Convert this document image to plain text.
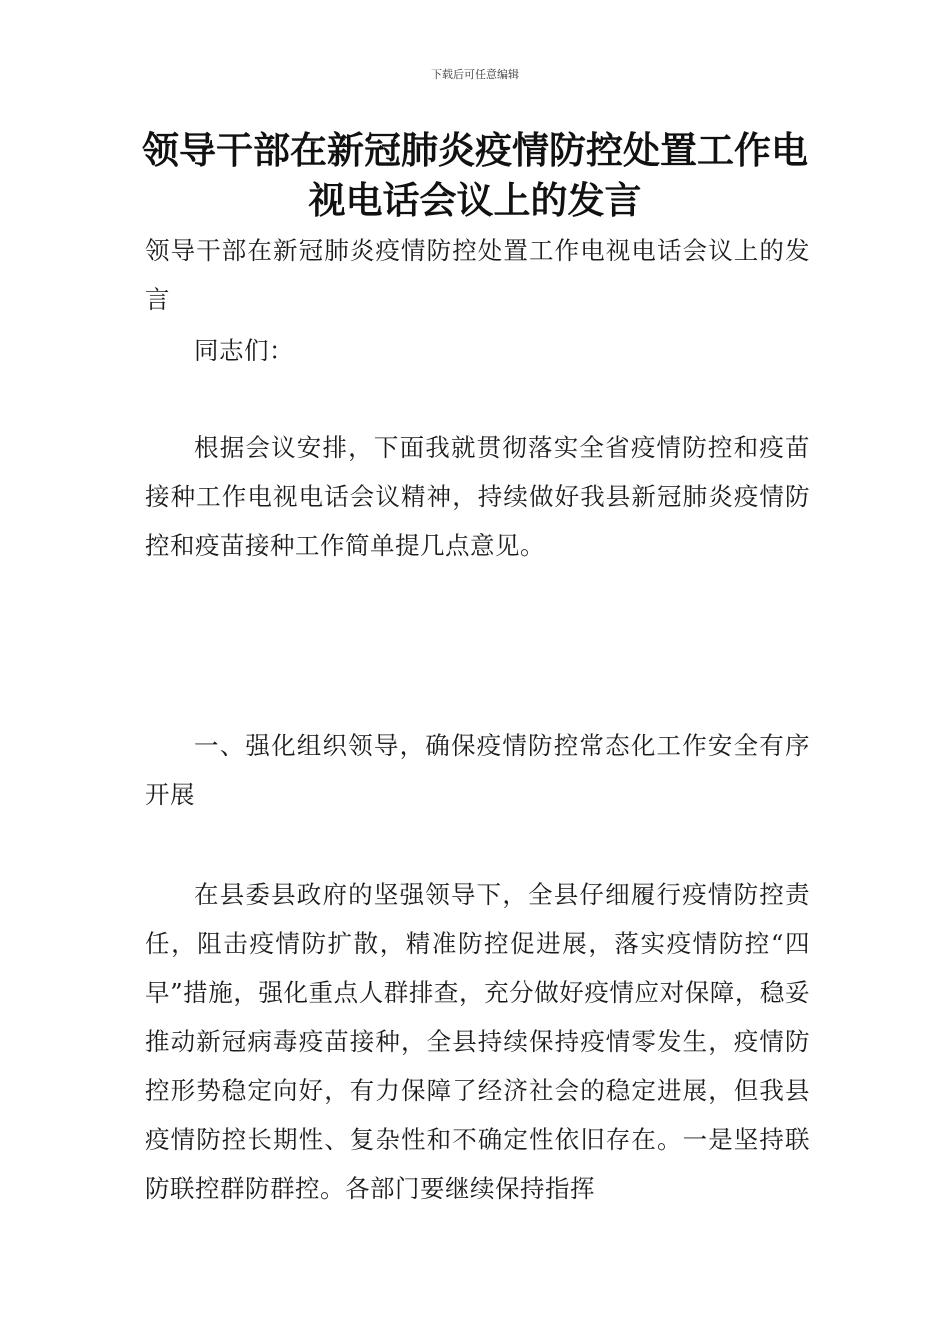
下载后可任意编辑
领导干部在新冠肺炎疫情防控处置工作电视电话会议上的发言

领导干部在新冠肺炎疫情防控处置工作电视电话会议上的发言

同志们：

根据会议安排，下面我就贯彻落实全省疫情防控和疫苗接种工作电视电话会议精神，持续做好我县新冠肺炎疫情防控和疫苗接种工作简单提几点意见。

一、强化组织领导，确保疫情防控常态化工作安全有序开展

在县委县政府的坚强领导下，全县仔细履行疫情防控责任，阻击疫情防扩散，精准防控促进展，落实疫情防控“四早”措施，强化重点人群排查，充分做好疫情应对保障，稳妥推动新冠病毒疫苗接种，全县持续保持疫情零发生，疫情防控形势稳定向好，有力保障了经济社会的稳定进展，但我县疫情防控长期性、复杂性和不确定性依旧存在。一是坚持联防联控群防群控。各部门要继续保持指挥
